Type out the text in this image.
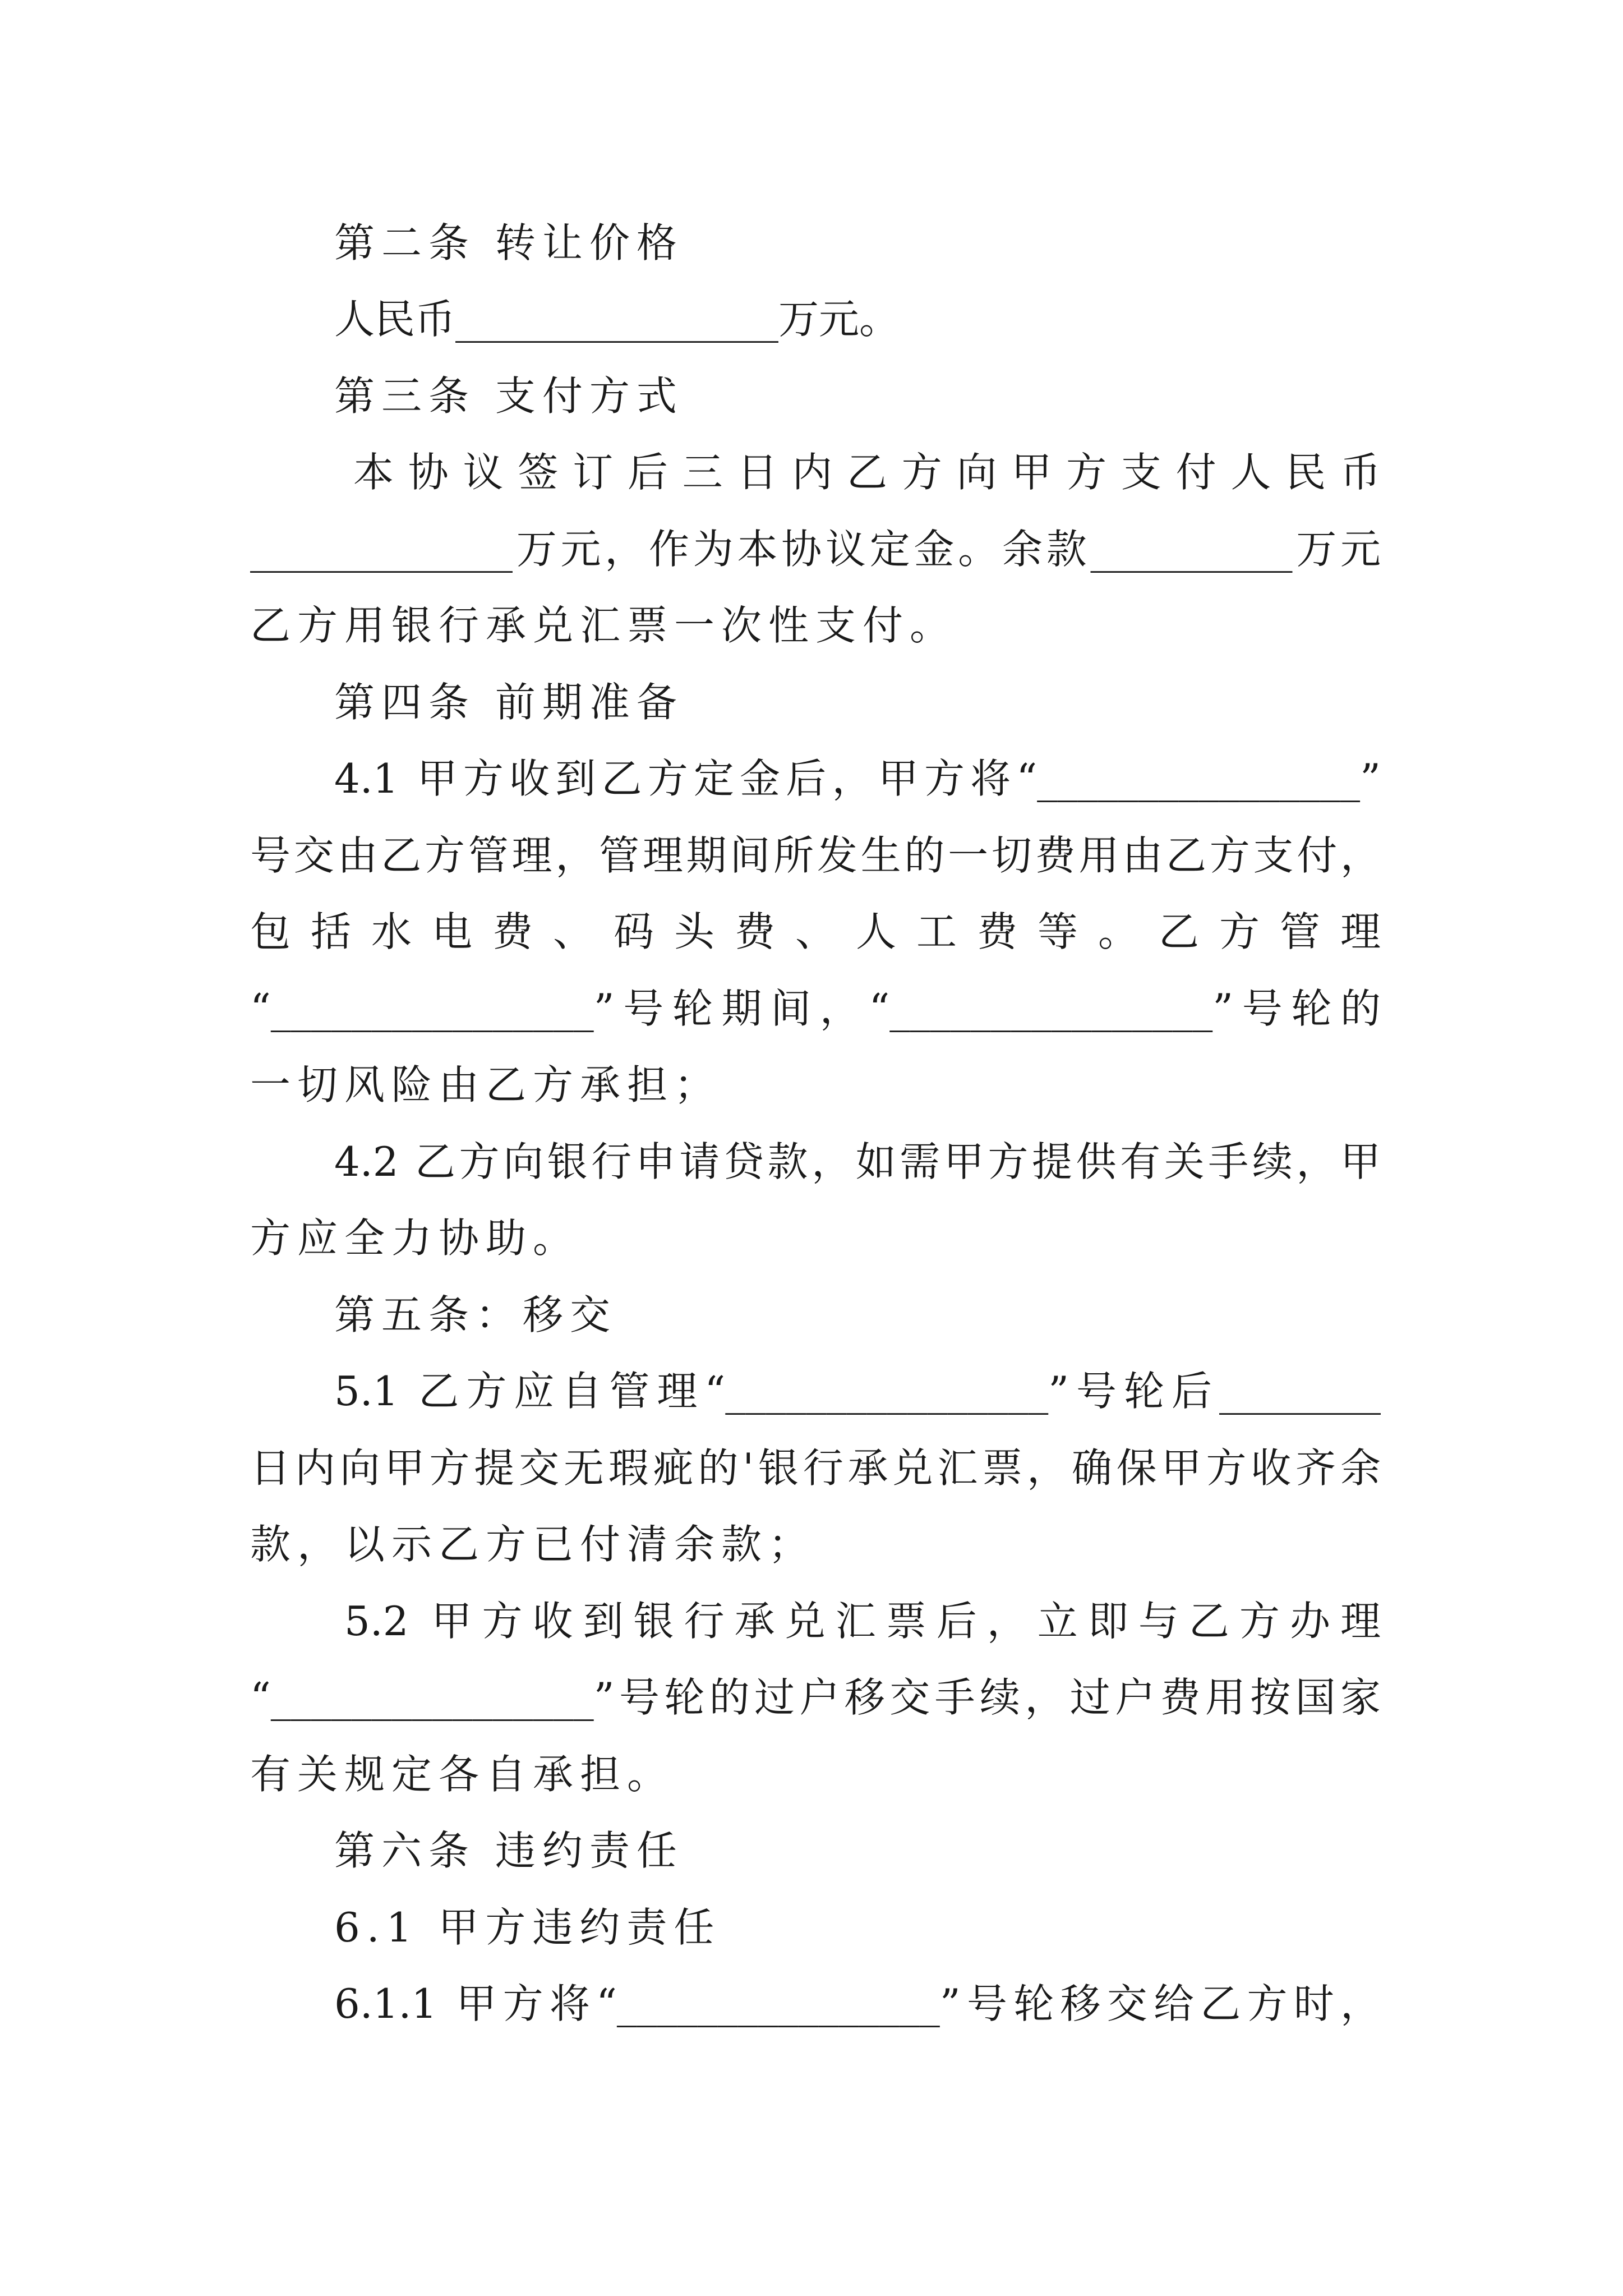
第二条 转让价格
人民币________________万元。
第三条 支付方式
本协议签订后三日内乙方向甲方支付人民币
_____________万元，作为本协议定金。余款__________万元
乙方用银行承兑汇票一次性支付。
第四条 前期准备
4.1 甲方收到乙方定金后，甲方将“________________”
号交由乙方管理，管理期间所发生的一切费用由乙方支付，
包括水电费、码头费、人工费等。乙方管理
“________________”号轮期间，“________________”号轮的
一切风险由乙方承担；
4.2 乙方向银行申请贷款，如需甲方提供有关手续，甲
方应全力协助。
第五条：移交
5.1 乙方应自管理“________________”号轮后________
日内向甲方提交无瑕疵的'银行承兑汇票，确保甲方收齐余
款，以示乙方已付清余款；
5.2 甲方收到银行承兑汇票后，立即与乙方办理
“________________”号轮的过户移交手续，过户费用按国家
有关规定各自承担。
第六条 违约责任
6.1 甲方违约责任
6.1.1 甲方将“________________”号轮移交给乙方时，
